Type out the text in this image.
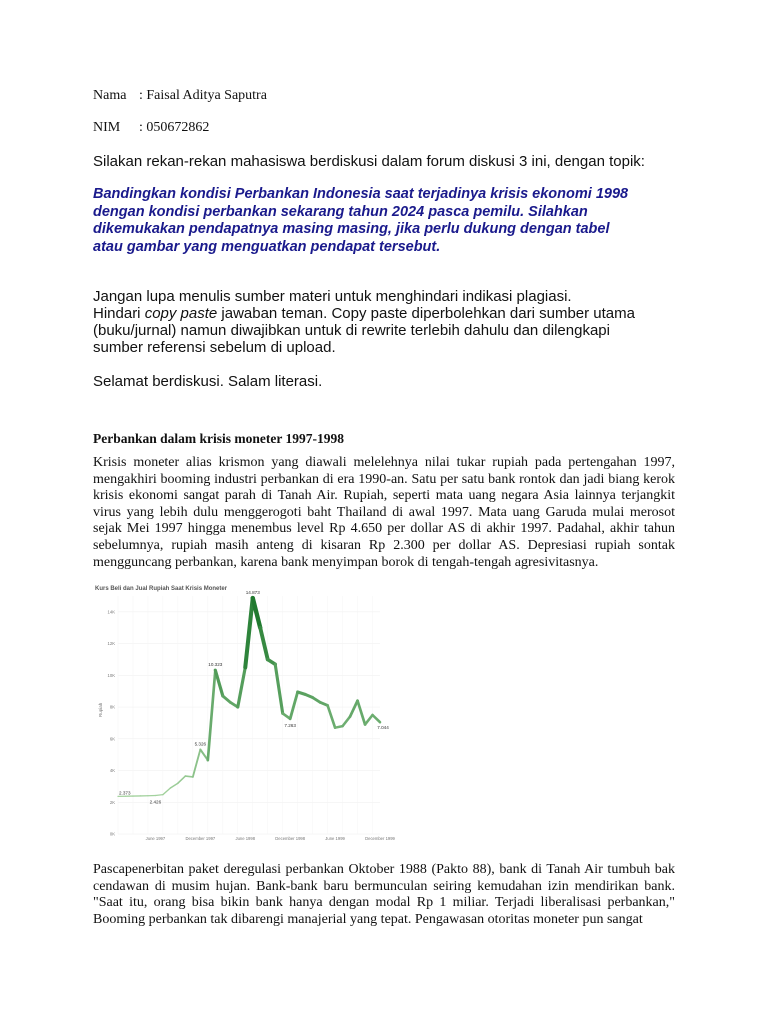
Nama : Faisal Aditya Saputra
NIM : 050672862
Silakan rekan-rekan mahasiswa berdiskusi dalam forum diskusi 3 ini, dengan topik:
Bandingkan kondisi Perbankan Indonesia saat terjadinya krisis ekonomi 1998
dengan kondisi perbankan sekarang tahun 2024 pasca pemilu. Silahkan
dikemukakan pendapatnya masing masing, jika perlu dukung dengan tabel
atau gambar yang menguatkan pendapat tersebut.
Jangan lupa menulis sumber materi untuk menghindari indikasi plagiasi.
Hindari copy paste jawaban teman. Copy paste diperbolehkan dari sumber utama
(buku/jurnal) namun diwajibkan untuk di rewrite terlebih dahulu dan dilengkapi
sumber referensi sebelum di upload.
Selamat berdiskusi. Salam literasi.
Perbankan dalam krisis moneter 1997-1998
Krisis moneter alias krismon yang diawali melelehnya nilai tukar rupiah pada pertengahan 1997, mengakhiri booming industri perbankan di era 1990-an. Satu per satu bank rontok dan jadi biang kerok krisis ekonomi sangat parah di Tanah Air. Rupiah, seperti mata uang negara Asia lainnya terjangkit virus yang lebih dulu menggerogoti baht Thailand di awal 1997. Mata uang Garuda mulai merosot sejak Mei 1997 hingga menembus level Rp 4.650 per dollar AS di akhir 1997. Padahal, akhir tahun sebelumnya, rupiah masih anteng di kisaran Rp 2.300 per dollar AS. Depresiasi rupiah sontak mengguncang perbankan, karena bank menyimpan borok di tengah-tengah agresivitasnya.
Kurs Beli dan Jual Rupiah Saat Krisis Moneter
Rupiah
0K
2K
4K
6K
8K
10K
12K
14K
June 1997	December 1997	June 1998	December 1998	June 1999	December 1999
2.373
2.426
5.326
10.323
14.873
7.263	7.044
Pascapenerbitan paket deregulasi perbankan Oktober 1988 (Pakto 88), bank di Tanah Air tumbuh bak cendawan di musim hujan. Bank-bank baru bermunculan seiring kemudahan izin mendirikan bank. "Saat itu, orang bisa bikin bank hanya dengan modal Rp 1 miliar. Terjadi liberalisasi perbankan," Booming perbankan tak dibarengi manajerial yang tepat. Pengawasan otoritas moneter pun sangat
